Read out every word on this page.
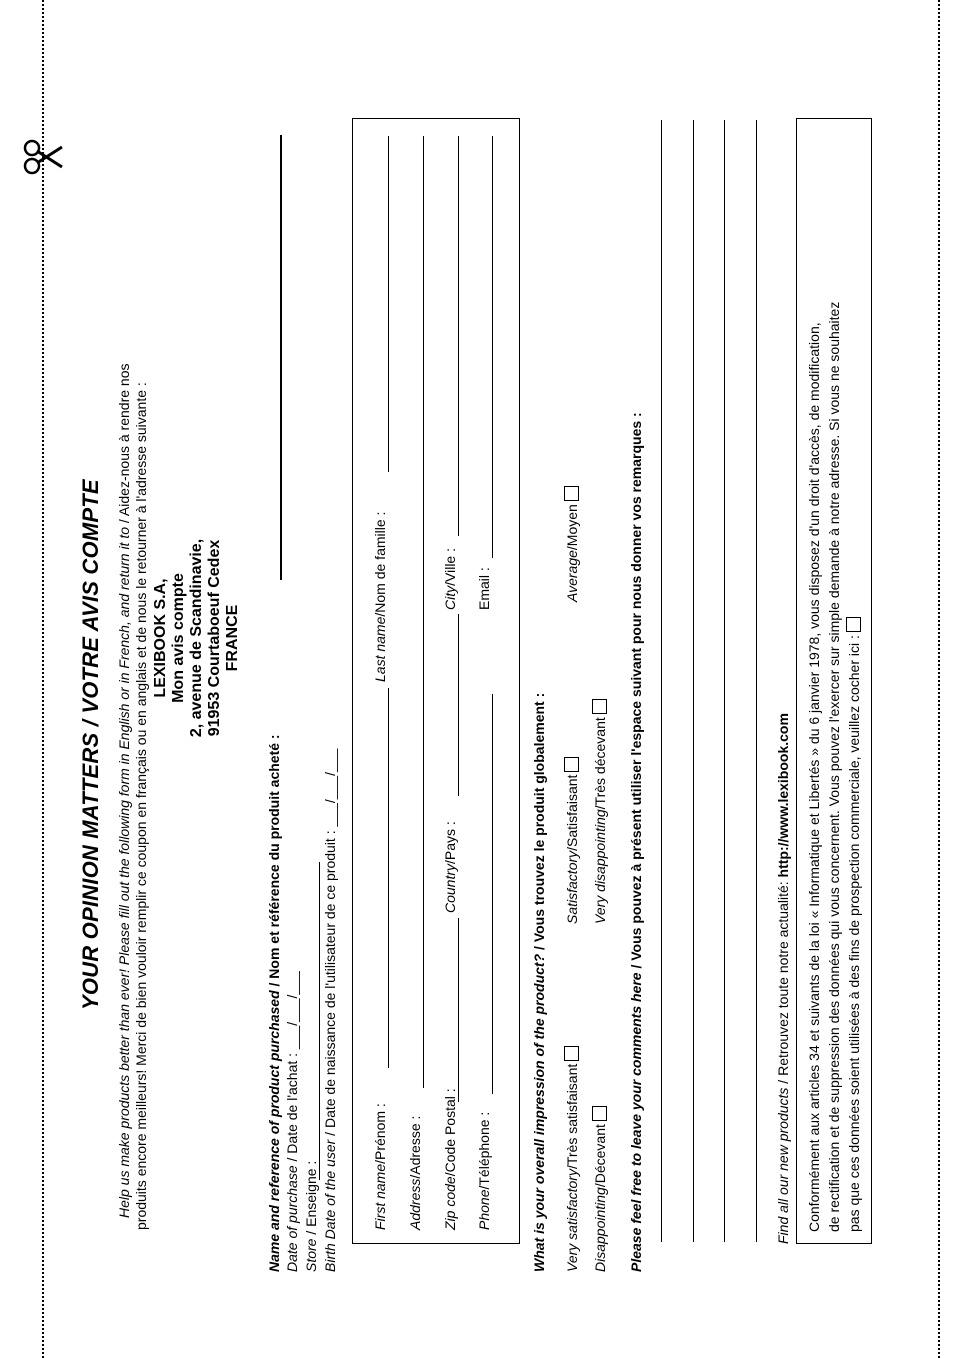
YOUR OPINION MATTERS / VOTRE AVIS COMPTE Help us make products better than ever! Please fill out the following form in English or in French, and return it to / Aidez-nous à rendre nos produits encore meilleurs! Merci de bien vouloir remplir ce coupon en français ou en anglais et de nous le retourner à l'adresse suivante : LEXIBOOK S.A, Mon avis compte 2, avenue de Scandinavie, 91953 Courtaboeuf Cedex FRANCE
Name and reference of product purchased / Nom et référence du produit acheté :
Date of purchase / Date de l'achat : ___/___/___
Store / Enseigne : Birth Date of the user / Date de naissance de l'utilisateur de ce produit : ___/___/___
First name/Prénom :
Last name/Nom de famille :
Address/Adresse :
Zip code/Code Postal :
Country/Pays :
City/Ville :
Phone/Téléphone :
Email :
What is your overall impression of the product? / Vous trouvez le produit globalement :
Very satisfactory/Très satisfaisant
Satisfactory/Satisfaisant
Average/Moyen
Disappointing/Décevant
Very disappointing/Très décevant
Please feel free to leave your comments here / Vous pouvez à présent utiliser l'espace suivant pour nous donner vos remarques :
Find all our new products / Retrouvez toute notre actualité: http://www.lexibook.com Conformément aux articles 34 et suivants de la loi « Informatique et Libertés » du 6 janvier 1978, vous disposez d'un droit d'accès, de modification, de rectification et de suppression des données qui vous concernent. Vous pouvez l'exercer sur simple demande à notre adresse. Si vous ne souhaitez pas que ces données soient utilisées à des fins de prospection commerciale, veuillez cocher ici :
